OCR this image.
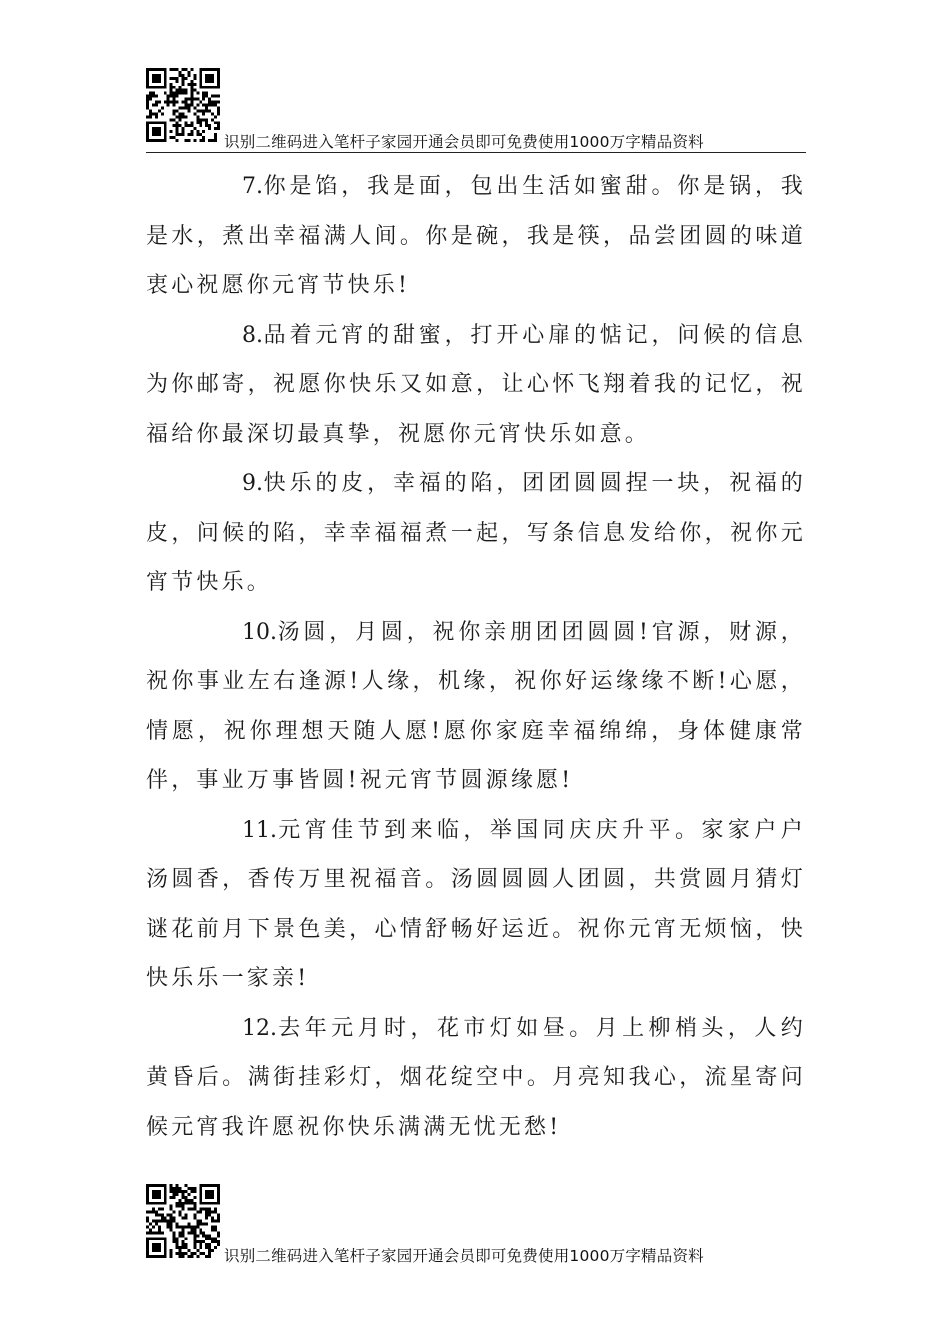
识别二维码进入笔杆子家园开通会员即可免费使用1000万字精品资料

7.你是馅，我是面，包出生活如蜜甜。你是锅，我是水，煮出幸福满人间。你是碗，我是筷，品尝团圆的味道衷心祝愿你元宵节快乐!

8.品着元宵的甜蜜，打开心扉的惦记，问候的信息为你邮寄，祝愿你快乐又如意，让心怀飞翔着我的记忆，祝福给你最深切最真挚，祝愿你元宵快乐如意。

9.快乐的皮，幸福的陷，团团圆圆捏一块，祝福的皮，问候的陷，幸幸福福煮一起，写条信息发给你，祝你元宵节快乐。

10.汤圆，月圆，祝你亲朋团团圆圆!官源，财源，祝你事业左右逢源!人缘，机缘，祝你好运缘缘不断!心愿，情愿，祝你理想天随人愿!愿你家庭幸福绵绵，身体健康常伴，事业万事皆圆!祝元宵节圆源缘愿!

11.元宵佳节到来临，举国同庆庆升平。家家户户汤圆香，香传万里祝福音。汤圆圆圆人团圆，共赏圆月猜灯谜花前月下景色美，心情舒畅好运近。祝你元宵无烦恼，快快乐乐一家亲!

12.去年元月时，花市灯如昼。月上柳梢头，人约黄昏后。满街挂彩灯，烟花绽空中。月亮知我心，流星寄问候元宵我许愿祝你快乐满满无忧无愁!

识别二维码进入笔杆子家园开通会员即可免费使用1000万字精品资料
